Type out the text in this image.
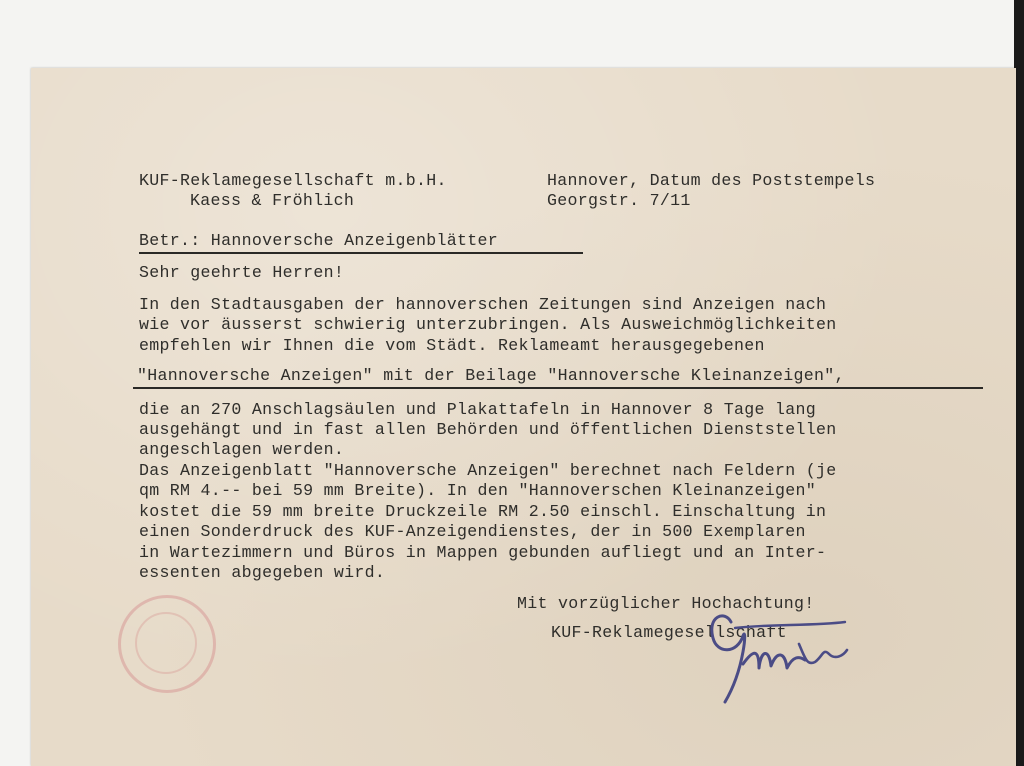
KUF-Reklamegesellschaft m.b.H.

Kaess & Fröhlich

Hannover, Datum des Poststempels

Georgstr. 7/11

Betr.: Hannoversche Anzeigenblätter

Sehr geehrte Herren!

In den Stadtausgaben der hannoverschen Zeitungen sind Anzeigen nach

wie vor äusserst schwierig unterzubringen. Als Ausweichmöglichkeiten

empfehlen wir Ihnen die vom Städt. Reklameamt herausgegebenen

"Hannoversche Anzeigen" mit der Beilage "Hannoversche Kleinanzeigen",

die an 270 Anschlagsäulen und Plakattafeln in Hannover 8 Tage lang

ausgehängt und in fast allen Behörden und öffentlichen Dienststellen

angeschlagen werden.

Das Anzeigenblatt "Hannoversche Anzeigen" berechnet nach Feldern (je

qm RM 4.-- bei 59 mm Breite). In den "Hannoverschen Kleinanzeigen"

kostet die 59 mm breite Druckzeile RM 2.50 einschl. Einschaltung in

einen Sonderdruck des KUF-Anzeigendienstes, der in 500 Exemplaren

in Wartezimmern und Büros in Mappen gebunden aufliegt und an Inter-

essenten abgegeben wird.

Mit vorzüglicher Hochachtung!

KUF-Reklamegesellschaft
